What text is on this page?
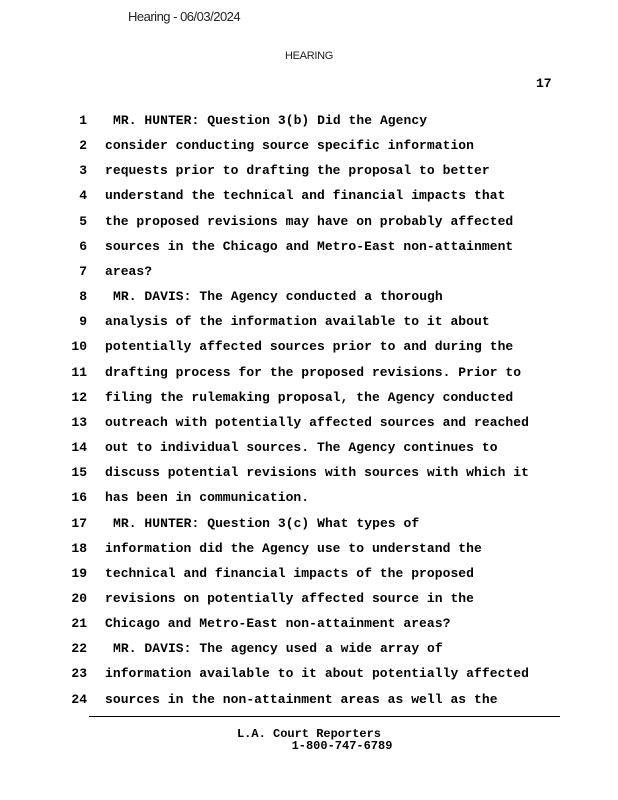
Hearing - 06/03/2024
HEARING
17
1 MR. HUNTER: Question 3(b) Did the Agency
2 consider conducting source specific information
3 requests prior to drafting the proposal to better
4 understand the technical and financial impacts that
5 the proposed revisions may have on probably affected
6 sources in the Chicago and Metro-East non-attainment
7 areas?
8 MR. DAVIS: The Agency conducted a thorough
9 analysis of the information available to it about
10 potentially affected sources prior to and during the
11 drafting process for the proposed revisions. Prior to
12 filing the rulemaking proposal, the Agency conducted
13 outreach with potentially affected sources and reached
14 out to individual sources. The Agency continues to
15 discuss potential revisions with sources with which it
16 has been in communication.
17 MR. HUNTER: Question 3(c) What types of
18 information did the Agency use to understand the
19 technical and financial impacts of the proposed
20 revisions on potentially affected source in the
21 Chicago and Metro-East non-attainment areas?
22 MR. DAVIS: The agency used a wide array of
23 information available to it about potentially affected
24 sources in the non-attainment areas as well as the
L.A. Court Reporters
1-800-747-6789
